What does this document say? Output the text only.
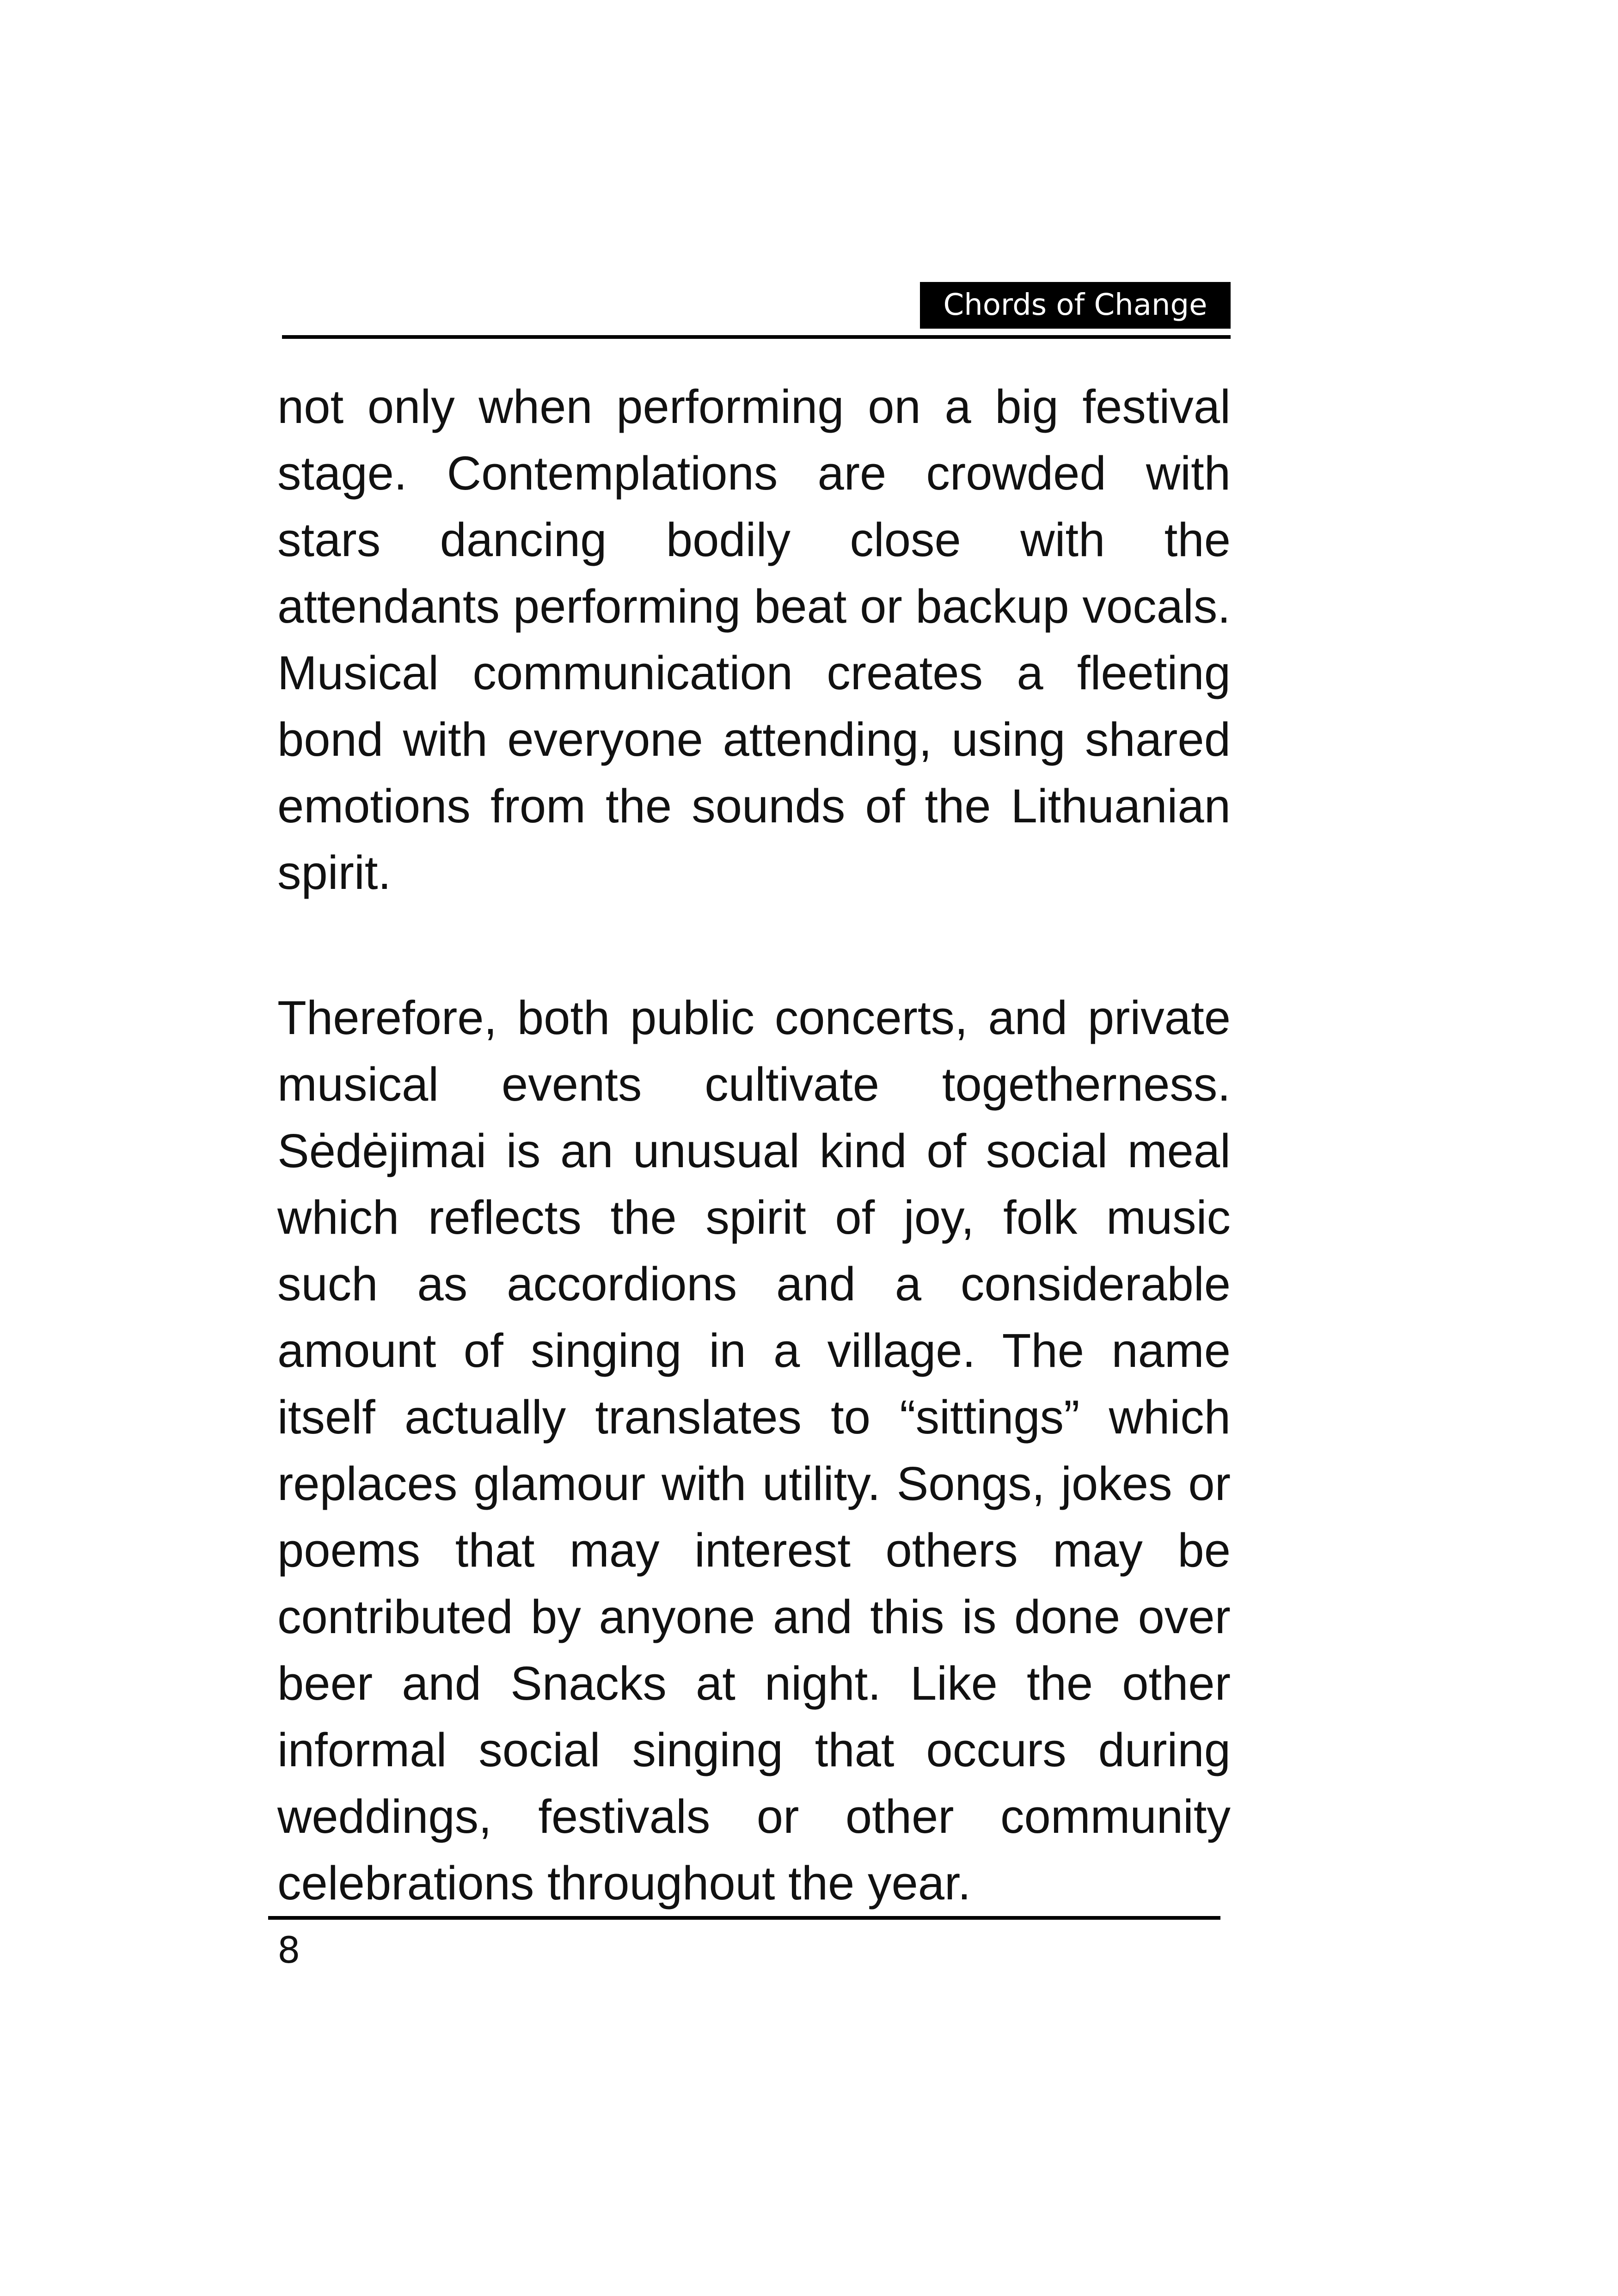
Chords of Change

not only when performing on a big festival stage. Contemplations are crowded with stars dancing bodily close with the attendants performing beat or backup vocals. Musical communication creates a fleeting bond with everyone attending, using shared emotions from the sounds of the Lithuanian spirit.

Therefore, both public concerts, and private musical events cultivate togetherness. Sėdėjimai is an unusual kind of social meal which reflects the spirit of joy, folk music such as accordions and a considerable amount of singing in a village. The name itself actually translates to “sittings” which replaces glamour with utility. Songs, jokes or poems that may interest others may be contributed by anyone and this is done over beer and Snacks at night. Like the other informal social singing that occurs during weddings, festivals or other community celebrations throughout the year.

8
